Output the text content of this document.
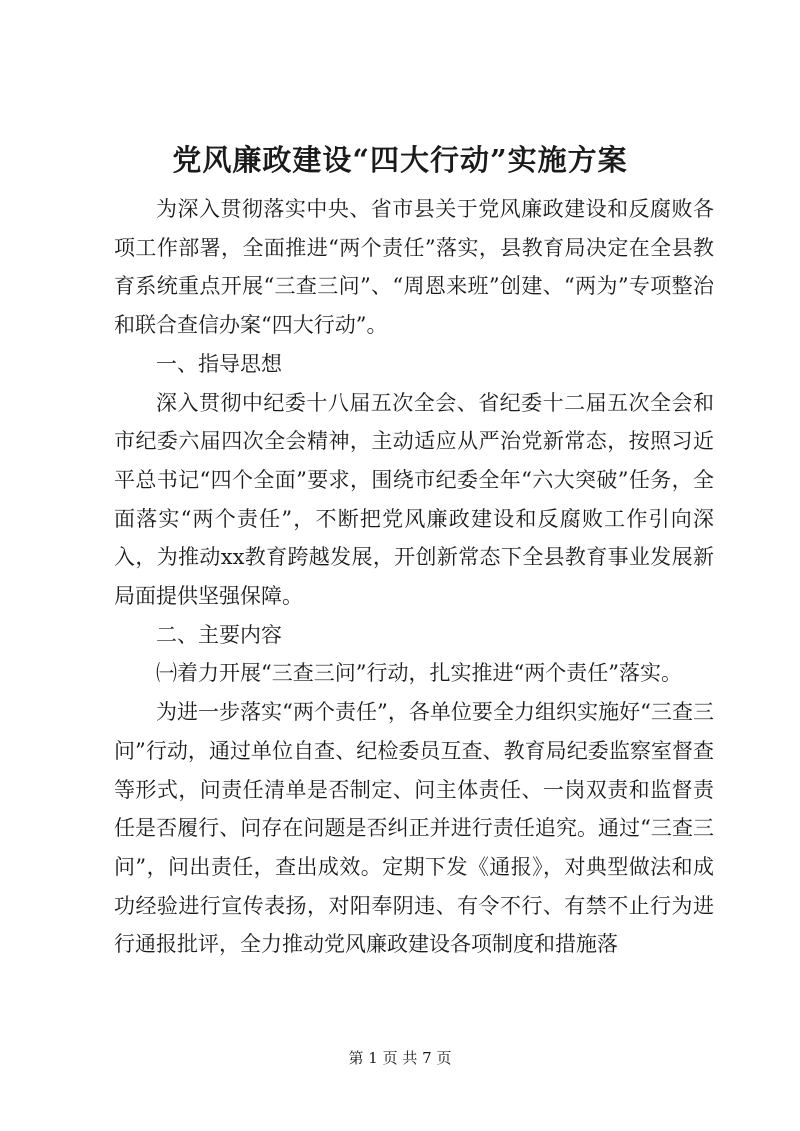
党风廉政建设“四大行动”实施方案

为深入贯彻落实中央、省市县关于党风廉政建设和反腐败各项工作部署，全面推进“两个责任”落实，县教育局决定在全县教育系统重点开展“三查三问”、“周恩来班”创建、“两为”专项整治和联合查信办案“四大行动”。

一、指导思想

深入贯彻中纪委十八届五次全会、省纪委十二届五次全会和市纪委六届四次全会精神，主动适应从严治党新常态，按照习近平总书记“四个全面”要求，围绕市纪委全年“六大突破”任务，全面落实“两个责任”，不断把党风廉政建设和反腐败工作引向深入，为推动xx教育跨越发展，开创新常态下全县教育事业发展新局面提供坚强保障。

二、主要内容

㈠着力开展“三查三问”行动，扎实推进“两个责任”落实。

为进一步落实“两个责任”，各单位要全力组织实施好“三查三问”行动，通过单位自查、纪检委员互查、教育局纪委监察室督查等形式，问责任清单是否制定、问主体责任、一岗双责和监督责任是否履行、问存在问题是否纠正并进行责任追究。通过“三查三问”，问出责任，查出成效。定期下发《通报》，对典型做法和成功经验进行宣传表扬，对阳奉阴违、有令不行、有禁不止行为进行通报批评，全力推动党风廉政建设各项制度和措施落

第 1 页 共 7 页
